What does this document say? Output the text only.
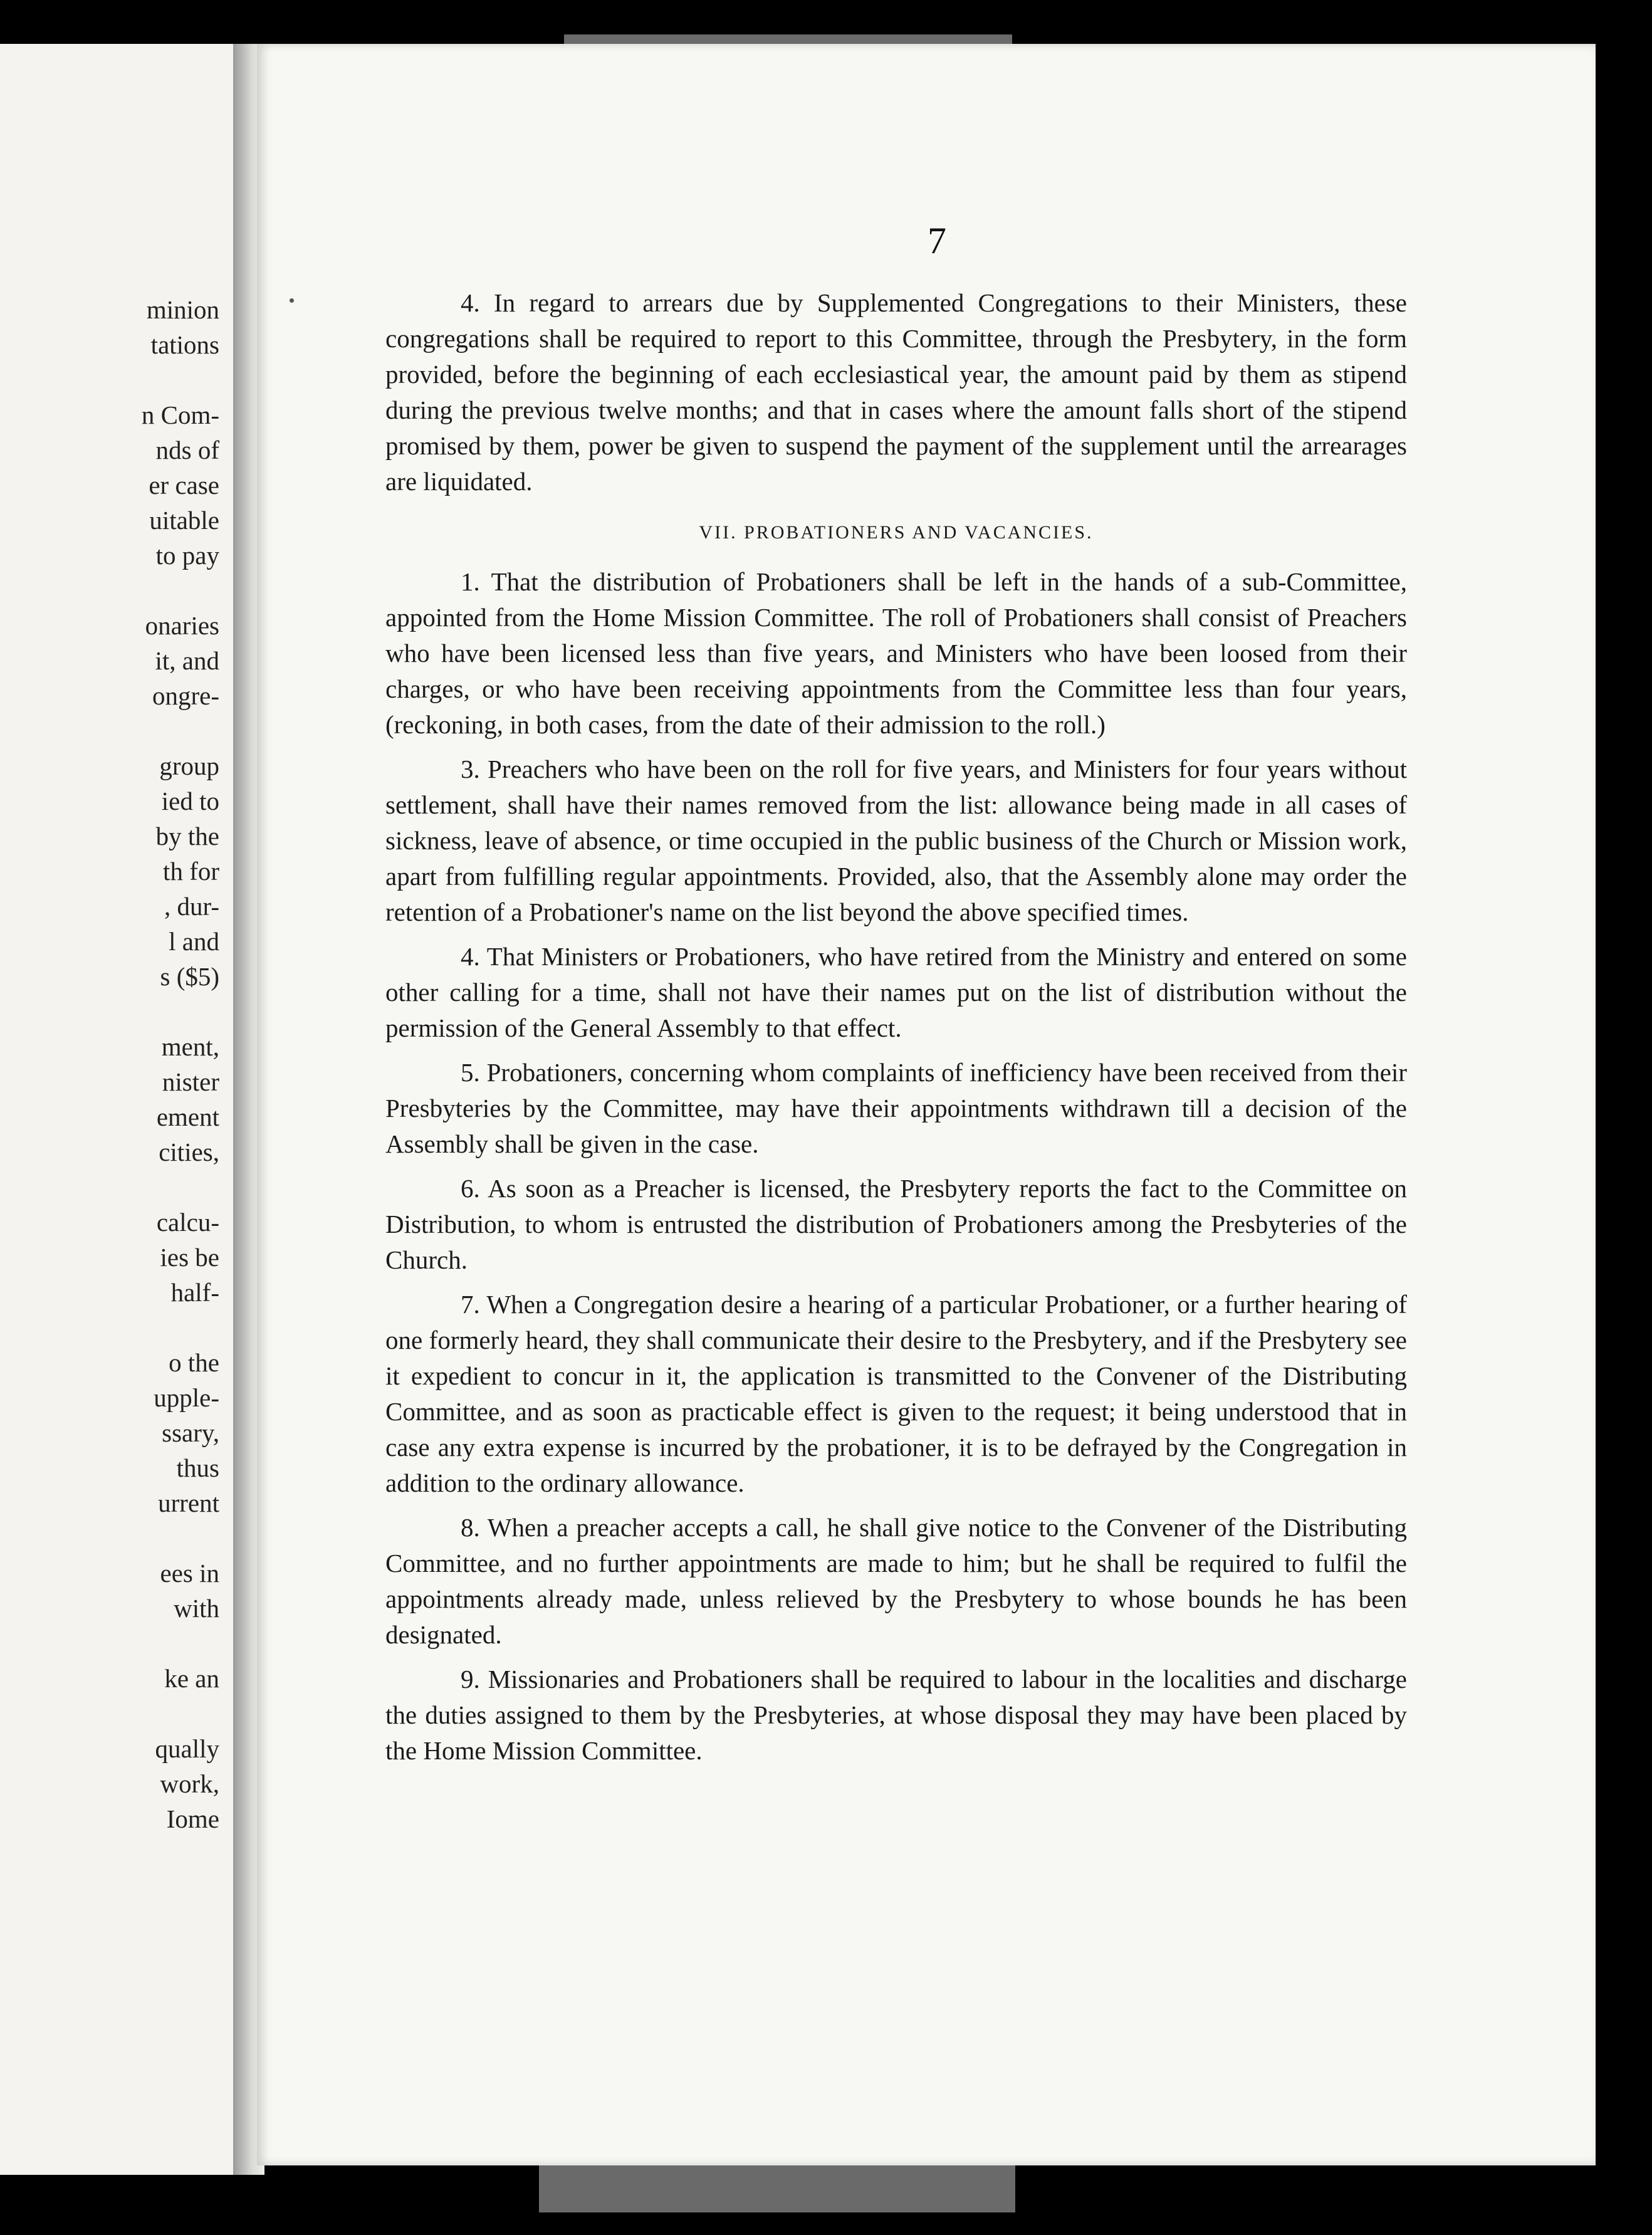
minion
tations
n Com-
nds of
er case
uitable
to pay
onaries
it, and
ongre-
group
ied to
by the
th for
, dur-
l and
s ($5)
ment,
nister
ement
cities,
calcu-
ies be
half-
o the
upple-
ssary,
thus
urrent
ees in
with
ke an
qually
work,
Iome
7

4. In regard to arrears due by Supplemented Congregations to their Ministers, these congregations shall be required to report to this Committee, through the Presbytery, in the form provided, before the beginning of each ecclesiastical year, the amount paid by them as stipend during the previous twelve months; and that in cases where the amount falls short of the stipend promised by them, power be given to suspend the payment of the supplement until the arrearages are liquidated.

VII. PROBATIONERS AND VACANCIES.

1. That the distribution of Probationers shall be left in the hands of a sub-Committee, appointed from the Home Mission Committee. The roll of Probationers shall consist of Preachers who have been licensed less than five years, and Ministers who have been loosed from their charges, or who have been receiving appointments from the Committee less than four years, (reckoning, in both cases, from the date of their admission to the roll.)

3. Preachers who have been on the roll for five years, and Ministers for four years without settlement, shall have their names removed from the list: allowance being made in all cases of sickness, leave of absence, or time occupied in the public business of the Church or Mission work, apart from fulfilling regular appointments. Provided, also, that the Assembly alone may order the retention of a Probationer's name on the list beyond the above specified times.

4. That Ministers or Probationers, who have retired from the Ministry and entered on some other calling for a time, shall not have their names put on the list of distribution without the permission of the General Assembly to that effect.

5. Probationers, concerning whom complaints of inefficiency have been received from their Presbyteries by the Committee, may have their appointments withdrawn till a decision of the Assembly shall be given in the case.

6. As soon as a Preacher is licensed, the Presbytery reports the fact to the Committee on Distribution, to whom is entrusted the distribution of Probationers among the Presbyteries of the Church.

7. When a Congregation desire a hearing of a particular Probationer, or a further hearing of one formerly heard, they shall communicate their desire to the Presbytery, and if the Presbytery see it expedient to concur in it, the application is transmitted to the Convener of the Distributing Committee, and as soon as practicable effect is given to the request; it being understood that in case any extra expense is incurred by the probationer, it is to be defrayed by the Congregation in addition to the ordinary allowance.

8. When a preacher accepts a call, he shall give notice to the Convener of the Distributing Committee, and no further appointments are made to him; but he shall be required to fulfil the appointments already made, unless relieved by the Presbytery to whose bounds he has been designated.

9. Missionaries and Probationers shall be required to labour in the localities and discharge the duties assigned to them by the Presbyteries, at whose disposal they may have been placed by the Home Mission Committee.
